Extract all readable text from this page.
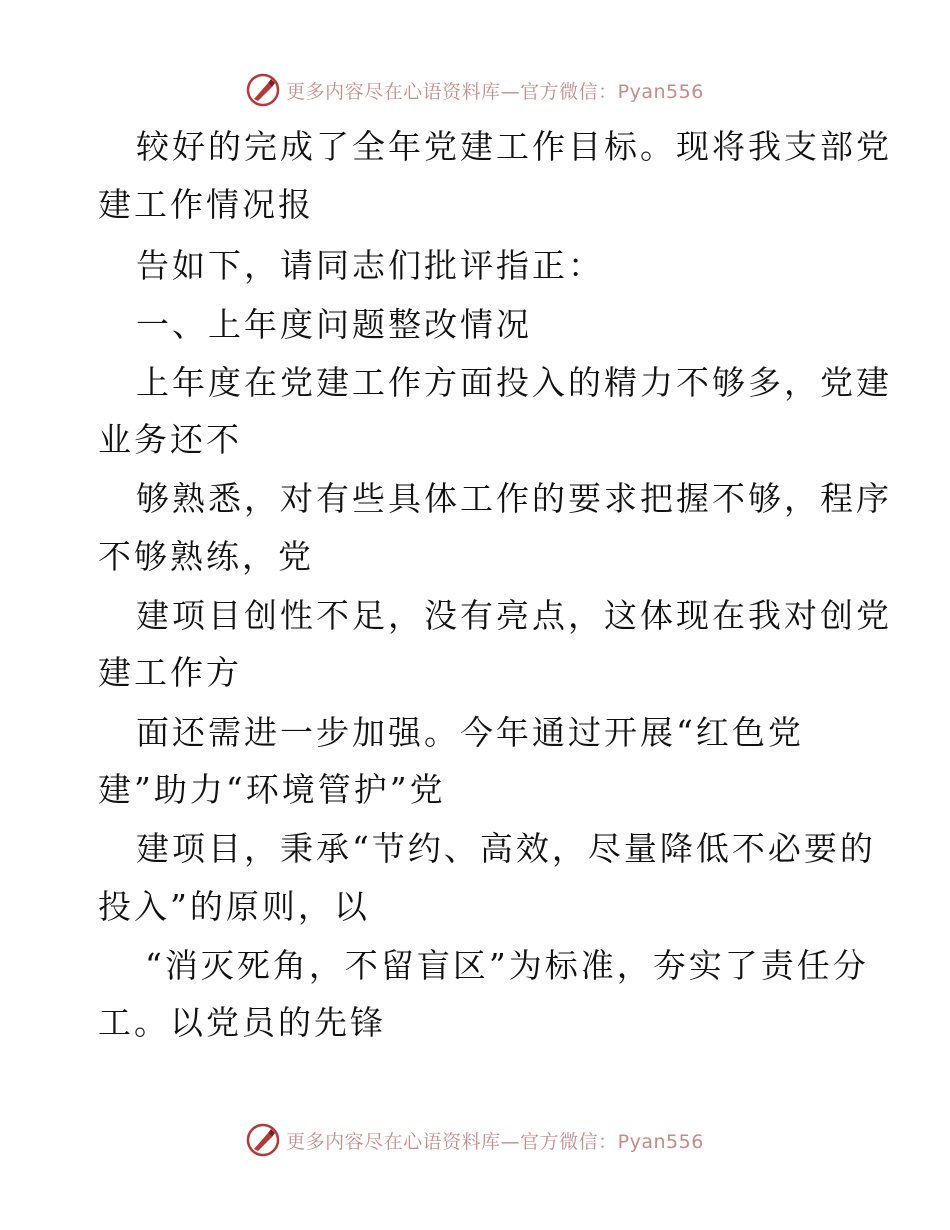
更多内容尽在心语资料库—官方微信：Pyan556
较好的完成了全年党建工作目标。现将我支部党
建工作情况报
告如下，请同志们批评指正：
一、上年度问题整改情况
上年度在党建工作方面投入的精力不够多，党建
业务还不
够熟悉，对有些具体工作的要求把握不够，程序
不够熟练，党
建项目创性不足，没有亮点，这体现在我对创党
建工作方
面还需进一步加强。今年通过开展“红色党
建”助力“环境管护”党
建项目，秉承“节约、高效，尽量降低不必要的
投入”的原则，以
“消灭死角，不留盲区”为标准，夯实了责任分
工。以党员的先锋
更多内容尽在心语资料库—官方微信：Pyan556
